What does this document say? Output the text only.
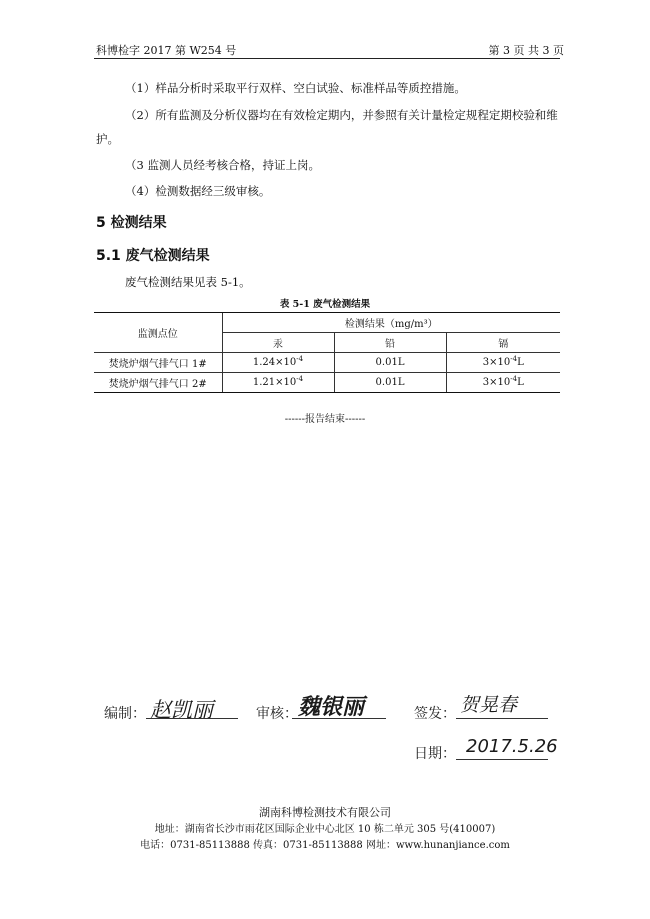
科博检字 2017 第 W254 号	第 3 页 共 3 页
（1）样品分析时采取平行双样、空白试验、标准样品等质控措施。
（2）所有监测及分析仪器均在有效检定期内，并参照有关计量检定规程定期校验和维
护。
（3 监测人员经考核合格，持证上岗。
（4）检测数据经三级审核。
5 检测结果
5.1 废气检测结果
废气检测结果见表 5-1。
表 5-1 废气检测结果
监测点位	检测结果（mg/m³）		
	汞	铅	镉
焚烧炉烟气排气口 1#	$1.24\times 10^{-4}$	0.01L	$3\times 10^{-4}L$
焚烧炉烟气排气口 2#	$1.21\times 10^{-4}$	0.01L	$3\times 10^{-4}L$
------报告结束------
编制： 赵凯丽	审核： 魏银丽	签发： 贺晃春
日期： 2017.5.26
湖南科博检测技术有限公司
地址：湖南省长沙市雨花区国际企业中心北区 10 栋二单元 305 号(410007)
电话：0731-85113888 传真：0731-85113888 网址：www.hunanjiance.com
